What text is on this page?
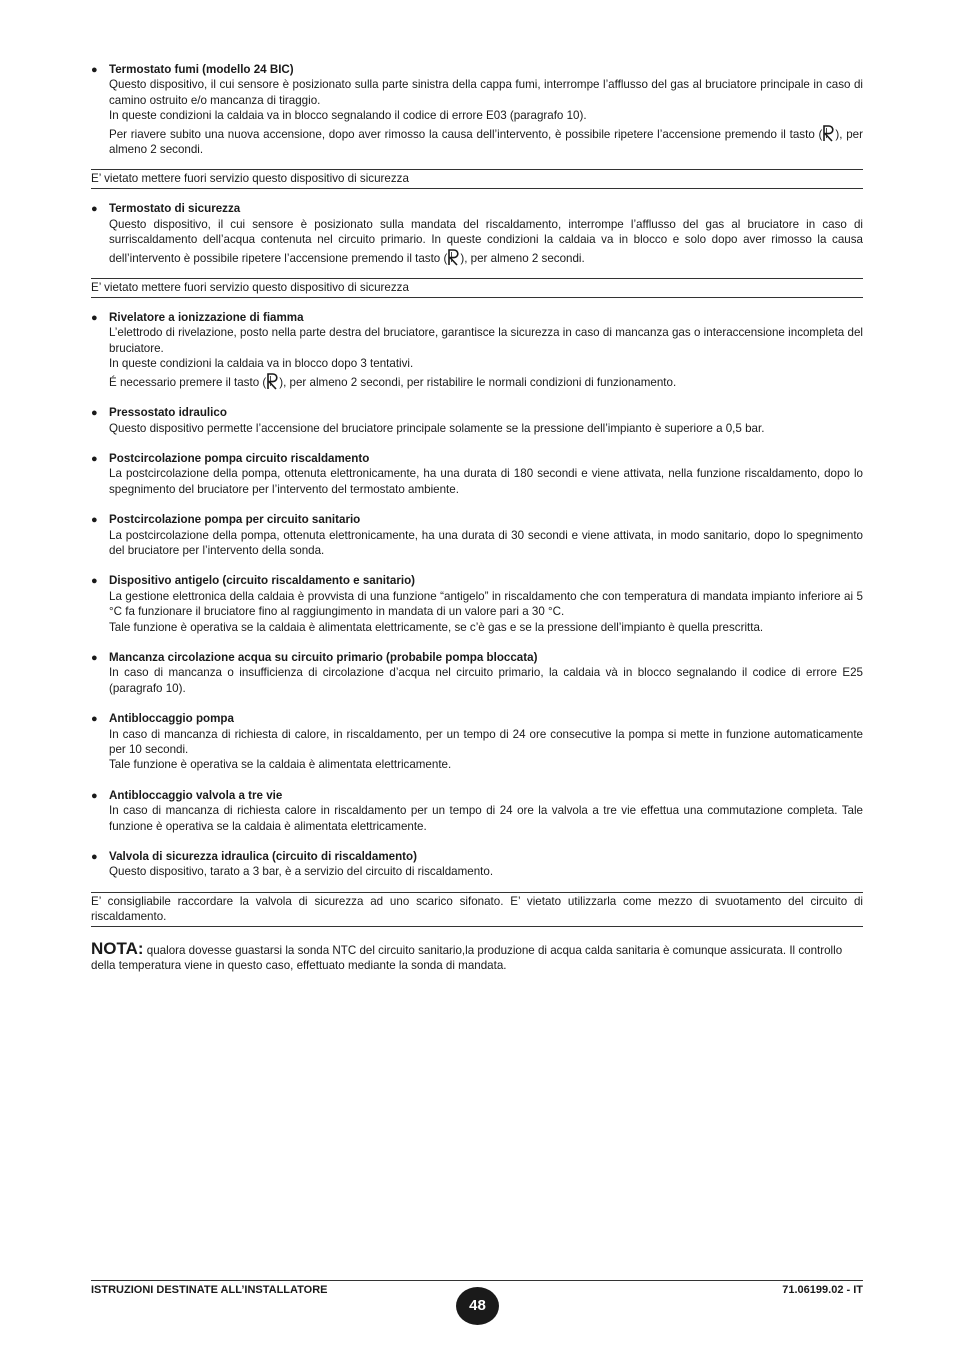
● Termostato fumi (modello 24 BIC)
Questo dispositivo, il cui sensore è posizionato sulla parte sinistra della cappa fumi, interrompe l’afflusso del gas al bruciatore principale in caso di camino ostruito e/o mancanza di tiraggio.
In queste condizioni la caldaia va in blocco segnalando il codice di errore E03 (paragrafo 10).
Per riavere subito una nuova accensione, dopo aver rimosso la causa dell’intervento, è possibile ripetere l’accensione premendo il tasto ( ), per almeno 2 secondi.
E’ vietato mettere fuori servizio questo dispositivo di sicurezza
● Termostato di sicurezza
Questo dispositivo, il cui sensore è posizionato sulla mandata del riscaldamento, interrompe l’afflusso del gas al bruciatore in caso di surriscaldamento dell’acqua contenuta nel circuito primario. In queste condizioni la caldaia va in blocco e solo dopo aver rimosso la causa dell’intervento è possibile ripetere l’accensione premendo il tasto ( ), per almeno 2 secondi.
E’ vietato mettere fuori servizio questo dispositivo di sicurezza
● Rivelatore a ionizzazione di fiamma
L’elettrodo di rivelazione, posto nella parte destra del bruciatore, garantisce la sicurezza in caso di mancanza gas o interaccensione incompleta del bruciatore.
In queste condizioni la caldaia va in blocco dopo 3 tentativi.
É necessario premere il tasto ( ), per almeno 2 secondi, per ristabilire le normali condizioni di funzionamento.
● Pressostato idraulico
Questo dispositivo permette l’accensione del bruciatore principale solamente se la pressione dell’impianto è superiore a 0,5 bar.
● Postcircolazione pompa circuito riscaldamento
La postcircolazione della pompa, ottenuta elettronicamente, ha una durata di 180 secondi e viene attivata, nella funzione riscaldamento, dopo lo spegnimento del bruciatore per l’intervento del termostato ambiente.
● Postcircolazione pompa per circuito sanitario
La postcircolazione della pompa, ottenuta elettronicamente, ha una durata di 30 secondi e viene attivata, in modo sanitario, dopo lo spegnimento del bruciatore per l’intervento della sonda.
● Dispositivo antigelo (circuito riscaldamento e sanitario)
La gestione elettronica della caldaia è provvista di una funzione “antigelo” in riscaldamento che con temperatura di mandata impianto inferiore ai 5 °C fa funzionare il bruciatore fino al raggiungimento in mandata di un valore pari a 30 °C.
Tale funzione è operativa se la caldaia è alimentata elettricamente, se c’è gas e se la pressione dell’impianto è quella prescritta.
● Mancanza circolazione acqua su circuito primario (probabile pompa bloccata)
In caso di mancanza o insufficienza di circolazione d’acqua nel circuito primario, la caldaia và in blocco segnalando il codice di errore E25 (paragrafo 10).
● Antibloccaggio pompa
In caso di mancanza di richiesta di calore, in riscaldamento, per un tempo di 24 ore consecutive la pompa si mette in funzione automaticamente per 10 secondi.
Tale funzione è operativa se la caldaia è alimentata elettricamente.
● Antibloccaggio valvola a tre vie
In caso di mancanza di richiesta calore in riscaldamento per un tempo di 24 ore la valvola a tre vie effettua una commutazione completa. Tale funzione è operativa se la caldaia è alimentata elettricamente.
● Valvola di sicurezza idraulica (circuito di riscaldamento)
Questo dispositivo, tarato a 3 bar, è a servizio del circuito di riscaldamento.
E’ consigliabile raccordare la valvola di sicurezza ad uno scarico sifonato. E’ vietato utilizzarla come mezzo di svuotamento del circuito di riscaldamento.
NOTA: qualora dovesse guastarsi la sonda NTC del circuito sanitario,la produzione di acqua calda sanitaria è comunque assicurata. Il controllo della temperatura viene in questo caso, effettuato mediante la sonda di mandata.
ISTRUZIONI DESTINATE ALL’INSTALLATORE
48
71.06199.02 - IT
